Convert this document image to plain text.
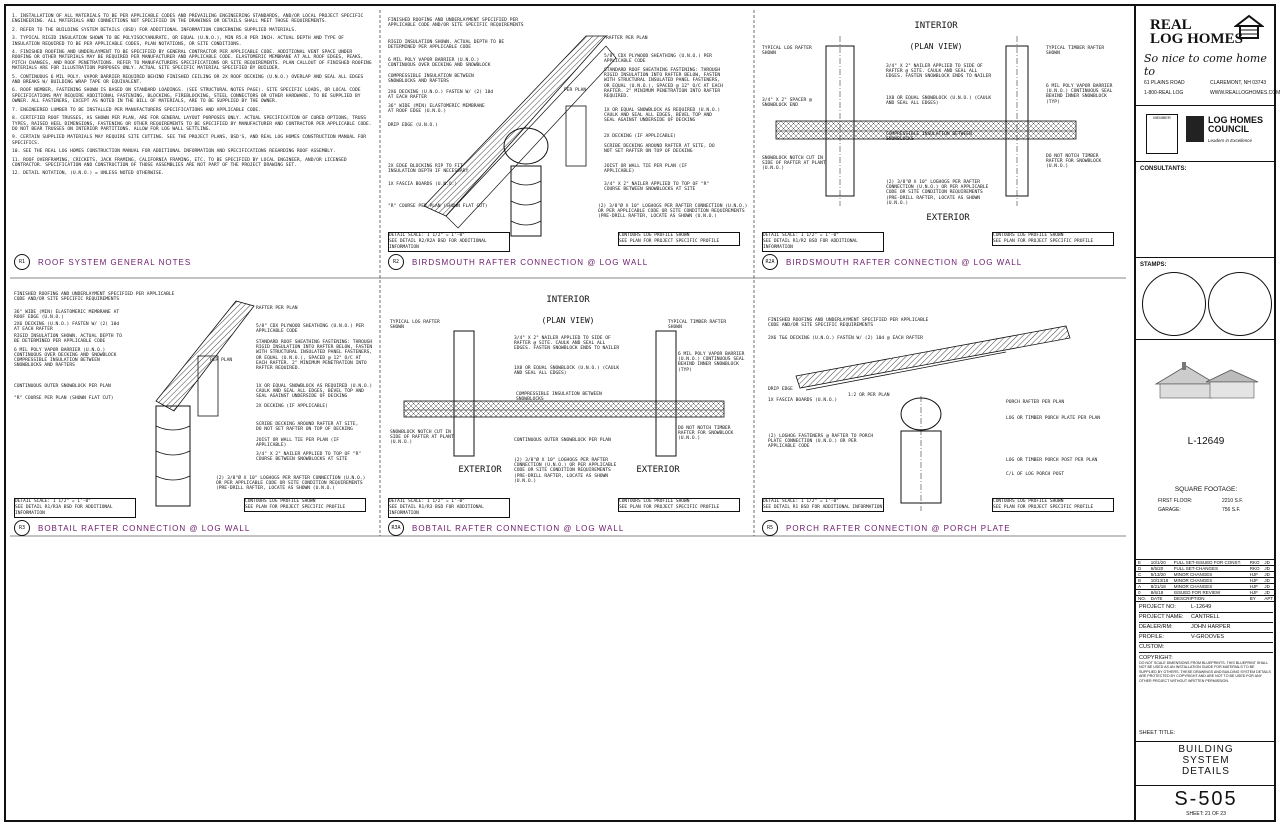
1. INSTALLATION OF ALL MATERIALS TO BE PER APPLICABLE CODES AND PREVAILING ENGINEERING STANDARDS, AND/OR LOCAL PROJECT SPECIFIC ENGINEERING. ALL MATERIALS AND CONNECTIONS NOT SPECIFIED IN THE DRAWINGS OR DETAILS SHALL MEET THOSE REQUIREMENTS.

2. REFER TO THE BUILDING SYSTEM DETAILS (BSD) FOR ADDITIONAL INFORMATION CONCERNING SUPPLIED MATERIALS.

3. TYPICAL RIGID INSULATION SHOWN TO BE POLYISOCYANURATE, OR EQUAL (U.N.O.), MIN R5.8 PER INCH. ACTUAL DEPTH AND TYPE OF INSULATION REQUIRED TO BE PER APPLICABLE CODES, PLAN NOTATIONS, OR SITE CONDITIONS.

4. FINISHED ROOFING AND UNDERLAYMENT TO BE SPECIFIED BY GENERAL CONTRACTOR PER APPLICABLE CODE. ADDITIONAL VENT SPACE UNDER ROOFING OR OTHER MATERIALS MAY BE REQUIRED PER MANUFACTURER AND APPLICABLE CODE. ELASTOMERIC MEMBRANE AT ALL ROOF EDGES, PEAKS, PITCH CHANGES, AND ROOF PENETRATIONS. REFER TO MANUFACTURERS SPECIFICATIONS OR SITE REQUIREMENTS. PLAN CALLOUT OF FINISHED ROOFING MATERIALS ARE FOR ILLUSTRATION PURPOSES ONLY. ACTUAL SITE SPECIFIC MATERIAL SPECIFIED BY BUILDER.

5. CONTINUOUS 6 MIL POLY. VAPOR BARRIER REQUIRED BEHIND FINISHED CEILING OR 2X ROOF DECKING (U.N.O.) OVERLAP AND SEAL ALL EDGES AND BREAKS W/ BUILDING WRAP TAPE OR EQUIVALENT.

6. ROOF NEMBER, FASTENING SHOWN IS BASED ON STANDARD LOADINGS. (SEE STRUCTURAL NOTES PAGE). SITE SPECIFIC LOADS, OR LOCAL CODE SPECIFICATIONS MAY REQUIRE ADDITIONAL FASTENING, BLOCKING, FIREBLOCKING, STEEL CONNECTORS OR OTHER HARDWARE. TO BE SUPPLIED BY OWNER. ALL FASTENERS, EXCEPT AS NOTED IN THE BILL OF MATERIALS, ARE TO BE SUPPLIED BY THE OWNER.

7. ENGINEERED LUMBER TO BE INSTALLED PER MANUFACTURERS SPECIFICATIONS AND APPLICABLE CODE.

8. CERTIFIED ROOF TRUSSES, AS SHOWN PER PLAN, ARE FOR GENERAL LAYOUT PURPOSES ONLY. ACTUAL SPECIFICATION OF CURED OPTIONS, TRUSS TYPES, RAISED HEEL DIMENSIONS, FASTENING OR OTHER REQUIREMENTS TO BE SPECIFIED BY MANUFACTURER AND CONTRACTOR PER APPLICABLE CODE. DO NOT BEAR TRUSSES ON INTERIOR PARTITIONS. ALLOW FOR LOG WALL SETTLING.

9. CERTAIN SUPPLIED MATERIALS MAY REQUIRE SITE CUTTING. SEE THE PROJECT PLANS, BSD'S, AND REAL LOG HOMES CONSTRUCTION MANUAL FOR SPECIFICS.

10. SEE THE REAL LOG HOMES CONSTRUCTION MANUAL FOR ADDITIONAL INFORMATION AND SPECIFICATIONS REGARDING ROOF ASSEMBLY.

11. ROOF OVERFRAMING, CRICKETS, JACK FRAMING, CALIFORNIA FRAMING, ETC. TO BE SPECIFIED BY LOCAL ENGINEER, AND/OR LICENSED CONTRACTOR. SPECIFICATION AND CONSTRUCTION OF THOSE ASSEMBLIES ARE NOT PART OF THE PROJECT DRAWING SET.

12. DETAIL NOTATION, (U.N.O.) = UNLESS NOTED OTHERWISE.

R1	ROOF SYSTEM GENERAL NOTES	R2	BIRDSMOUTH RAFTER CONNECTION @ LOG WALL	R2A	BIRDSMOUTH RAFTER CONNECTION @ LOG WALL
R3	BOBTAIL RAFTER CONNECTION @ LOG WALL	R3A	BOBTAIL RAFTER CONNECTION @ LOG WALL	R5	PORCH RAFTER CONNECTION @ PORCH PLATE
DETAIL SCALE: 1 1/2" = 1'-0"
SEE DETAIL R2/R2A BSD FOR ADDITIONAL INFORMATION
CONTOURS LOG PROFILE SHOWN
SEE PLAN FOR PROJECT SPECIFIC PROFILE
DETAIL SCALE: 1 1/2" = 1'-0"
SEE DETAIL R1/R2 BSD FOR ADDITIONAL INFORMATION
CONTOURS LOG PROFILE SHOWN
SEE PLAN FOR PROJECT SPECIFIC PROFILE
DETAIL SCALE: 1 1/2" = 1'-0"
SEE DETAIL R1/R3A BSD FOR ADDITIONAL INFORMATION
CONTOURS LOG PROFILE SHOWN
SEE PLAN FOR PROJECT SPECIFIC PROFILE
DETAIL SCALE: 1 1/2" = 1'-0"
SEE DETAIL R1/R3 BSD FOR ADDITIONAL INFORMATION
CONTOURS LOG PROFILE SHOWN
SEE PLAN FOR PROJECT SPECIFIC PROFILE
DETAIL SCALE: 1 1/2" = 1'-0"
SEE DETAIL R1 BSD FOR ADDITIONAL INFORMATION
CONTOURS LOG PROFILE SHOWN
SEE PLAN FOR PROJECT SPECIFIC PROFILE
FINISHED ROOFING AND UNDERLAYMENT SPECIFIED PER APPLICABLE CODE AND/OR SITE SPECIFIC REQUIREMENTS
RIGID INSULATION SHOWN. ACTUAL DEPTH TO BE DETERMINED PER APPLICABLE CODE
6 MIL POLY VAPOR BARRIER (U.N.O.) CONTINUOUS OVER DECKING AND SNOWBLOCK
COMPRESSIBLE INSULATION BETWEEN SNOWBLOCKS AND RAFTERS
2X6 DECKING (U.N.O.) FASTEN W/ (2) 10d AT EACH RAFTER
36" WIDE (MIN) ELASTOMERIC MEMBRANE AT ROOF EDGE (U.N.O.)
DRIP EDGE (U.N.O.)
2X EDGE BLOCKING RIP TO FIT INSULATION DEPTH IF NECESSARY
1X FASCIA BOARDS (U.N.O.)
"R" COURSE PER PLAN (SHOWN FLAT CUT)
RAFTER PER PLAN
5/8" CDX PLYWOOD SHEATHING (U.N.O.) PER APPLICABLE CODE
STANDARD ROOF SHEATHING FASTENING: THROUGH RIGID INSULATION INTO RAFTER BELOW, FASTEN WITH STRUCTURAL INSULATED PANEL FASTENERS, OR EQUAL (U.N.O.), SPACED @ 12" O/C AT EACH RAFTER. 2" MINIMUM PENETRATION INTO RAFTER REQUIRED.
1X OR EQUAL SNOWBLOCK AS REQUIRED (U.N.O.) CAULK AND SEAL ALL EDGES, BEVEL TOP AND SEAL AGAINST UNDERSIDE OF DECKING
2X DECKING (IF APPLICABLE)
SCRIBE DECKING AROUND RAFTER AT SITE, DO NOT SET RAFTER ON TOP OF DECKING
JOIST OR WALL TIE PER PLAN (IF APPLICABLE)
3/4" X 2" NAILER APPLIED TO TOP OF "R" COURSE BETWEEN SNOWBLOCKS AT SITE
(2) 3/8"Ø X 10" LOGHOGS PER RAFTER CONNECTION (U.N.O.) OR PER APPLICABLE CODE OR SITE CONDITION REQUIREMENTS (PRE-DRILL RAFTER, LOCATE AS SHOWN (U.N.O.)
PER PLAN
INTERIOR
(PLAN VIEW)
EXTERIOR
TYPICAL LOG RAFTER SHOWN
TYPICAL TIMBER RAFTER SHOWN
3/4" X 2" NAILER APPLIED TO SIDE OF RAFTER @ SITE. CAULK AND SEAL ALL EDGES. FASTEN SNOWBLOCK ENDS TO NAILER
3/4" X 2" SPACER @ SNOWBLOCK END
1X8 OR EQUAL SNOWBLOCK (U.N.O.) (CAULK AND SEAL ALL EDGES)
6 MIL POLY VAPOR BARRIER (U.N.O.) CONTINUOUS SEAL BEHIND INNER SNOWBLOCK (TYP)
COMPRESSIBLE INSULATION BETWEEN SNOWBLOCKS
SNOWBLOCK NOTCH CUT IN SIDE OF RAFTER AT PLANT (U.N.O.)
DO NOT NOTCH TIMBER RAFTER FOR SNOWBLOCK (U.N.O.)
(2) 3/8"Ø X 10" LOGHOGS PER RAFTER CONNECTION (U.N.O.) OR PER APPLICABLE CODE OR SITE CONDITION REQUIREMENTS (PRE-DRILL RAFTER, LOCATE AS SHOWN (U.N.O.)
FINISHED ROOFING AND UNDERLAYMENT SPECIFIED PER APPLICABLE CODE AND/OR SITE SPECIFIC REQUIREMENTS
36" WIDE (MIN) ELASTOMERIC MEMBRANE AT ROOF EDGE (U.N.O.)
2X6 DECKING (U.N.O.) FASTEN W/ (2) 10d AT EACH RAFTER
RIGID INSULATION SHOWN. ACTUAL DEPTH TO BE DETERMINED PER APPLICABLE CODE
6 MIL POLY VAPOR BARRIER (U.N.O.) CONTINUOUS OVER DECKING AND SNOWBLOCK
COMPRESSIBLE INSULATION BETWEEN SNOWBLOCKS AND RAFTERS
CONTINUOUS OUTER SNOWBLOCK PER PLAN
"R" COURSE PER PLAN (SHOWN FLAT CUT)
RAFTER PER PLAN
5/8" CDX PLYWOOD SHEATHING (U.N.O.) PER APPLICABLE CODE
STANDARD ROOF SHEATHING FASTENING: THROUGH RIGID INSULATION INTO RAFTER BELOW, FASTEN WITH STRUCTURAL INSULATED PANEL FASTENERS, OR EQUAL (U.N.O.), SPACED @ 12" O/C AT EACH RAFTER. 2" MINIMUM PENETRATION INTO RAFTER REQUIRED.
1X OR EQUAL SNOWBLOCK AS REQUIRED (U.N.O.) CAULK AND SEAL ALL EDGES, BEVEL TOP AND SEAL AGAINST UNDERSIDE OF DECKING
2X DECKING (IF APPLICABLE)
SCRIBE DECKING AROUND RAFTER AT SITE, DO NOT SET RAFTER ON TOP OF DECKING
JOIST OR WALL TIE PER PLAN (IF APPLICABLE)
3/4" X 2" NAILER APPLIED TO TOP OF "R" COURSE BETWEEN SNOWBLOCKS AT SITE
(2) 3/8"Ø X 10" LOGHOGS PER RAFTER CONNECTION (U.N.O.) OR PER APPLICABLE CODE OR SITE CONDITION REQUIREMENTS (PRE-DRILL RAFTER, LOCATE AS SHOWN (U.N.O.)
PER PLAN
INTERIOR
(PLAN VIEW)
EXTERIOR	EXTERIOR
TYPICAL LOG RAFTER SHOWN
TYPICAL TIMBER RAFTER SHOWN
3/4" X 2" NAILER APPLIED TO SIDE OF RAFTER @ SITE. CAULK AND SEAL ALL EDGES. FASTEN SNOWBLOCK ENDS TO NAILER
1X8 OR EQUAL SNOWBLOCK (U.N.O.) (CAULK AND SEAL ALL EDGES)
6 MIL POLY VAPOR BARRIER (U.N.O.) CONTINUOUS SEAL BEHIND INNER SNOWBLOCK (TYP)
COMPRESSIBLE INSULATION BETWEEN SNOWBLOCKS
SNOWBLOCK NOTCH CUT IN SIDE OF RAFTER AT PLANT (U.N.O.)	CONTINUOUS OUTER SNOWBLOCK PER PLAN
DO NOT NOTCH TIMBER RAFTER FOR SNOWBLOCK (U.N.O.)
(2) 3/8"Ø X 10" LOGHOGS PER RAFTER CONNECTION (U.N.O.) OR PER APPLICABLE CODE OR SITE CONDITION REQUIREMENTS (PRE-DRILL RAFTER, LOCATE AS SHOWN (U.N.O.)
FINISHED ROOFING AND UNDERLAYMENT SPECIFIED PER APPLICABLE CODE AND/OR SITE SPECIFIC REQUIREMENTS
2X6 T&G DECKING (U.N.O.) FASTEN W/ (2) 10d @ EACH RAFTER
DRIP EDGE
1X FASCIA BOARDS (U.N.O.)
(2) LOGHOG FASTENERS @ RAFTER TO PORCH PLATE CONNECTION (U.N.O.) OR PER APPLICABLE CODE
PORCH RAFTER PER PLAN
LOG OR TIMBER PORCH PLATE PER PLAN
LOG OR TIMBER PORCH POST PER PLAN
C/L OF LOG PORCH POST
1:2 OR PER PLAN
REAL
LOG HOMES
So nice to come home to
61 PLAINS ROAD	CLAREMONT, NH 03743
1-800-REAL LOG	WWW.REALLOGHOMES.COM
MEMBER	LOG HOMES
COUNCIL
Leaders in Excellence
CONSULTANTS:
STAMPS:
L-12649
SQUARE FOOTAGE:
FIRST FLOOR:	2210 S.F.
GARAGE:	756 S.F.
E	10/1/20	FULL SET-ISSUED FOR CONST.	RKO	JD
D	6/5/20	FULL SET-CHANGES	RKO	JD
C	5/13/20	MINOR CHANGES	HJF	JD
B	10/13/18	MINOR CHANGES	HJF	JD
A	8/21/18	MINOR CHANGES	HJF	JD
0	8/6/18	ISSUED FOR REVIEW	HJF	JD
NO.	DATE	DESCRIPTION	BY	APT
PROJECT NO:	L-12649
PROJECT NAME:	CANTRELL
DEALER/RM:	JOHN HARPER
PROFILE:	V-GROOVES
CUSTOM:
COPYRIGHT:
DO NOT SCALE DIMENSIONS FROM BLUEPRINTS. THIS BLUEPRINT SHALL NOT BE USED AS AN INSTALLATION GUIDE FOR MATERIALS TO BE SUPPLIED BY OTHERS. THESE DRAWINGS AND BUILDING SYSTEM DETAILS ARE PROTECTED BY COPYRIGHT AND ARE NOT TO BE USED FOR ANY OTHER PROJECT WITHOUT WRITTEN PERMISSION.
SHEET TITLE:
BUILDING
SYSTEM
DETAILS
S-505
SHEET: 21 OF 23
